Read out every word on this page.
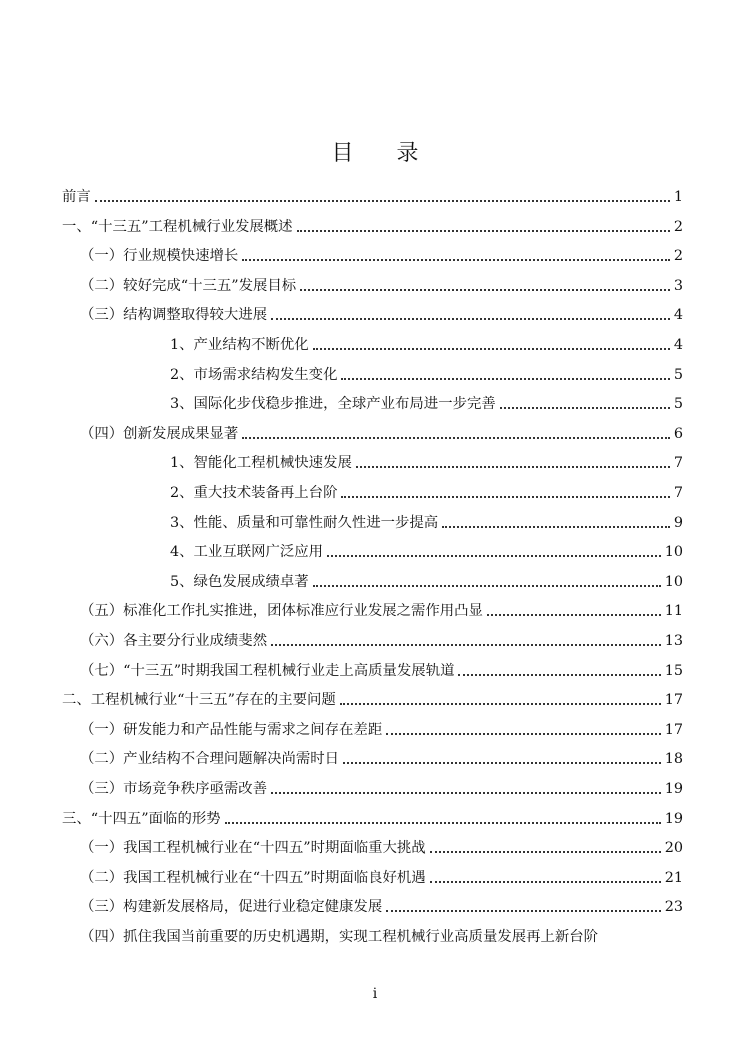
目 录
前言	1
一、“十三五”工程机械行业发展概述	2
（一）行业规模快速增长	2
（二）较好完成“十三五”发展目标	3
（三）结构调整取得较大进展	4
1、产业结构不断优化	4
2、市场需求结构发生变化	5
3、国际化步伐稳步推进，全球产业布局进一步完善	5
（四）创新发展成果显著	6
1、智能化工程机械快速发展	7
2、重大技术装备再上台阶	7
3、性能、质量和可靠性耐久性进一步提高	9
4、工业互联网广泛应用	10
5、绿色发展成绩卓著	10
（五）标准化工作扎实推进，团体标准应行业发展之需作用凸显	11
（六）各主要分行业成绩斐然	13
（七）“十三五”时期我国工程机械行业走上高质量发展轨道	15
二、工程机械行业“十三五”存在的主要问题	17
（一）研发能力和产品性能与需求之间存在差距	17
（二）产业结构不合理问题解决尚需时日	18
（三）市场竞争秩序亟需改善	19
三、“十四五”面临的形势	19
（一）我国工程机械行业在“十四五”时期面临重大挑战	20
（二）我国工程机械行业在“十四五”时期面临良好机遇	21
（三）构建新发展格局，促进行业稳定健康发展	23
（四）抓住我国当前重要的历史机遇期，实现工程机械行业高质量发展再上新台阶
i
